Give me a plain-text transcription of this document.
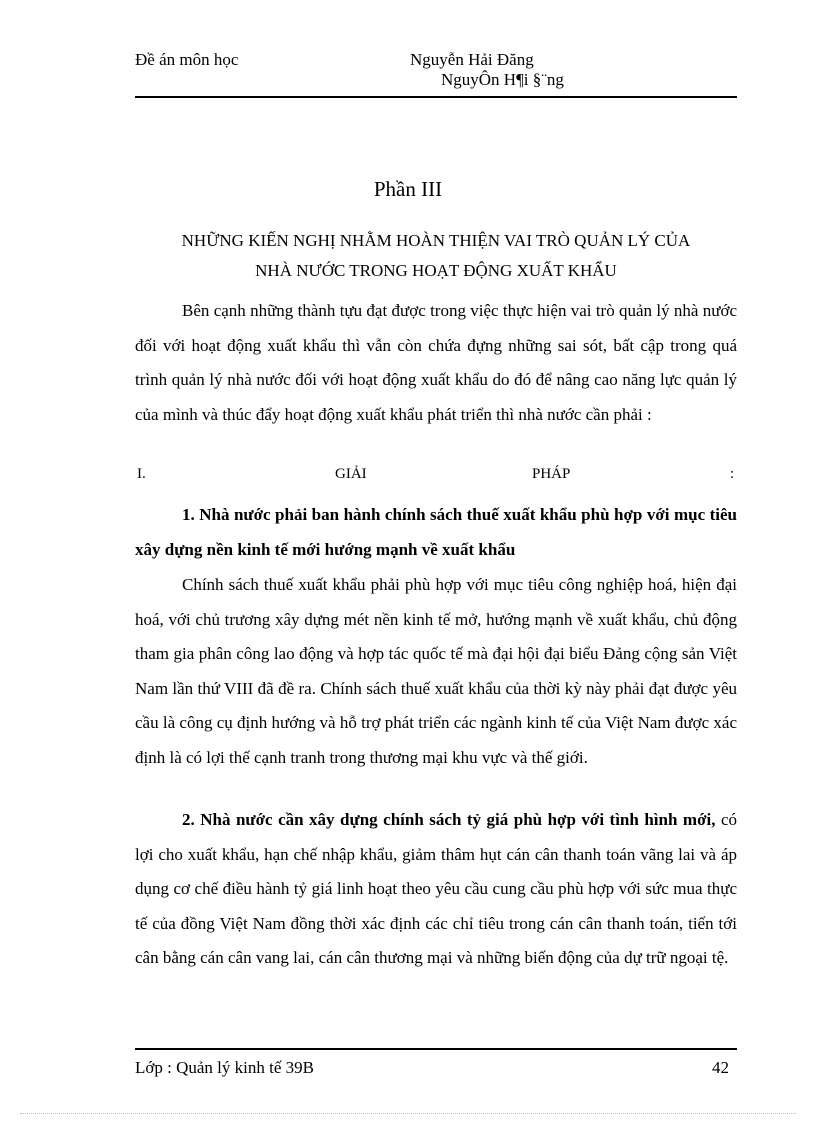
Đề án môn học	Nguyễn Hải Đăng
NguyÔn H¶i §¨ng
Phần III
NHỮNG KIẾN NGHỊ NHẰM HOÀN THIỆN VAI TRÒ QUẢN LÝ CỦA
NHÀ NƯỚC TRONG HOẠT ĐỘNG XUẤT KHẨU

Bên cạnh những thành tựu đạt được trong việc thực hiện vai trò quản lý nhà nước đối với hoạt động xuất khẩu thì vẫn còn chứa đựng những sai sót, bất cập trong quá trình quản lý nhà nước đối với hoạt động xuất khẩu do đó để nâng cao năng lực quản lý của mình và thúc đẩy hoạt động xuất khẩu phát triển thì nhà nước cần phải :

I.	GIẢI	PHÁP	:

1. Nhà nước phải ban hành chính sách thuế xuất khẩu phù hợp với mục tiêu xây dựng nền kinh tế mới hướng mạnh về xuất khẩu

Chính sách thuế xuất khẩu phải phù hợp với mục tiêu công nghiệp hoá, hiện đại hoá, với chủ trương xây dựng mét nền kinh tế mở, hướng mạnh về xuất khẩu, chủ động tham gia phân công lao động và hợp tác quốc tế mà đại hội đại biểu Đảng cộng sản Việt Nam lần thứ VIII đã đề ra. Chính sách thuế xuất khẩu của thời kỳ này phải đạt được yêu cầu là công cụ định hướng và hỗ trợ phát triển các ngành kinh tế của Việt Nam được xác định là có lợi thế cạnh tranh trong thương mại khu vực và thế giới.

2. Nhà nước cần xây dựng chính sách tỷ giá phù hợp với tình hình mới, có lợi cho xuất khẩu, hạn chế nhập khẩu, giảm thâm hụt cán cân thanh toán vãng lai và áp dụng cơ chế điều hành tỷ giá linh hoạt theo yêu cầu cung cầu phù hợp với sức mua thực tế của đồng Việt Nam đồng thời xác định các chỉ tiêu trong cán cân thanh toán, tiến tới cân bằng cán cân vang lai, cán cân thương mại và những biến động của dự trữ ngoại tệ.

Lớp : Quản lý kinh tế 39B	42
